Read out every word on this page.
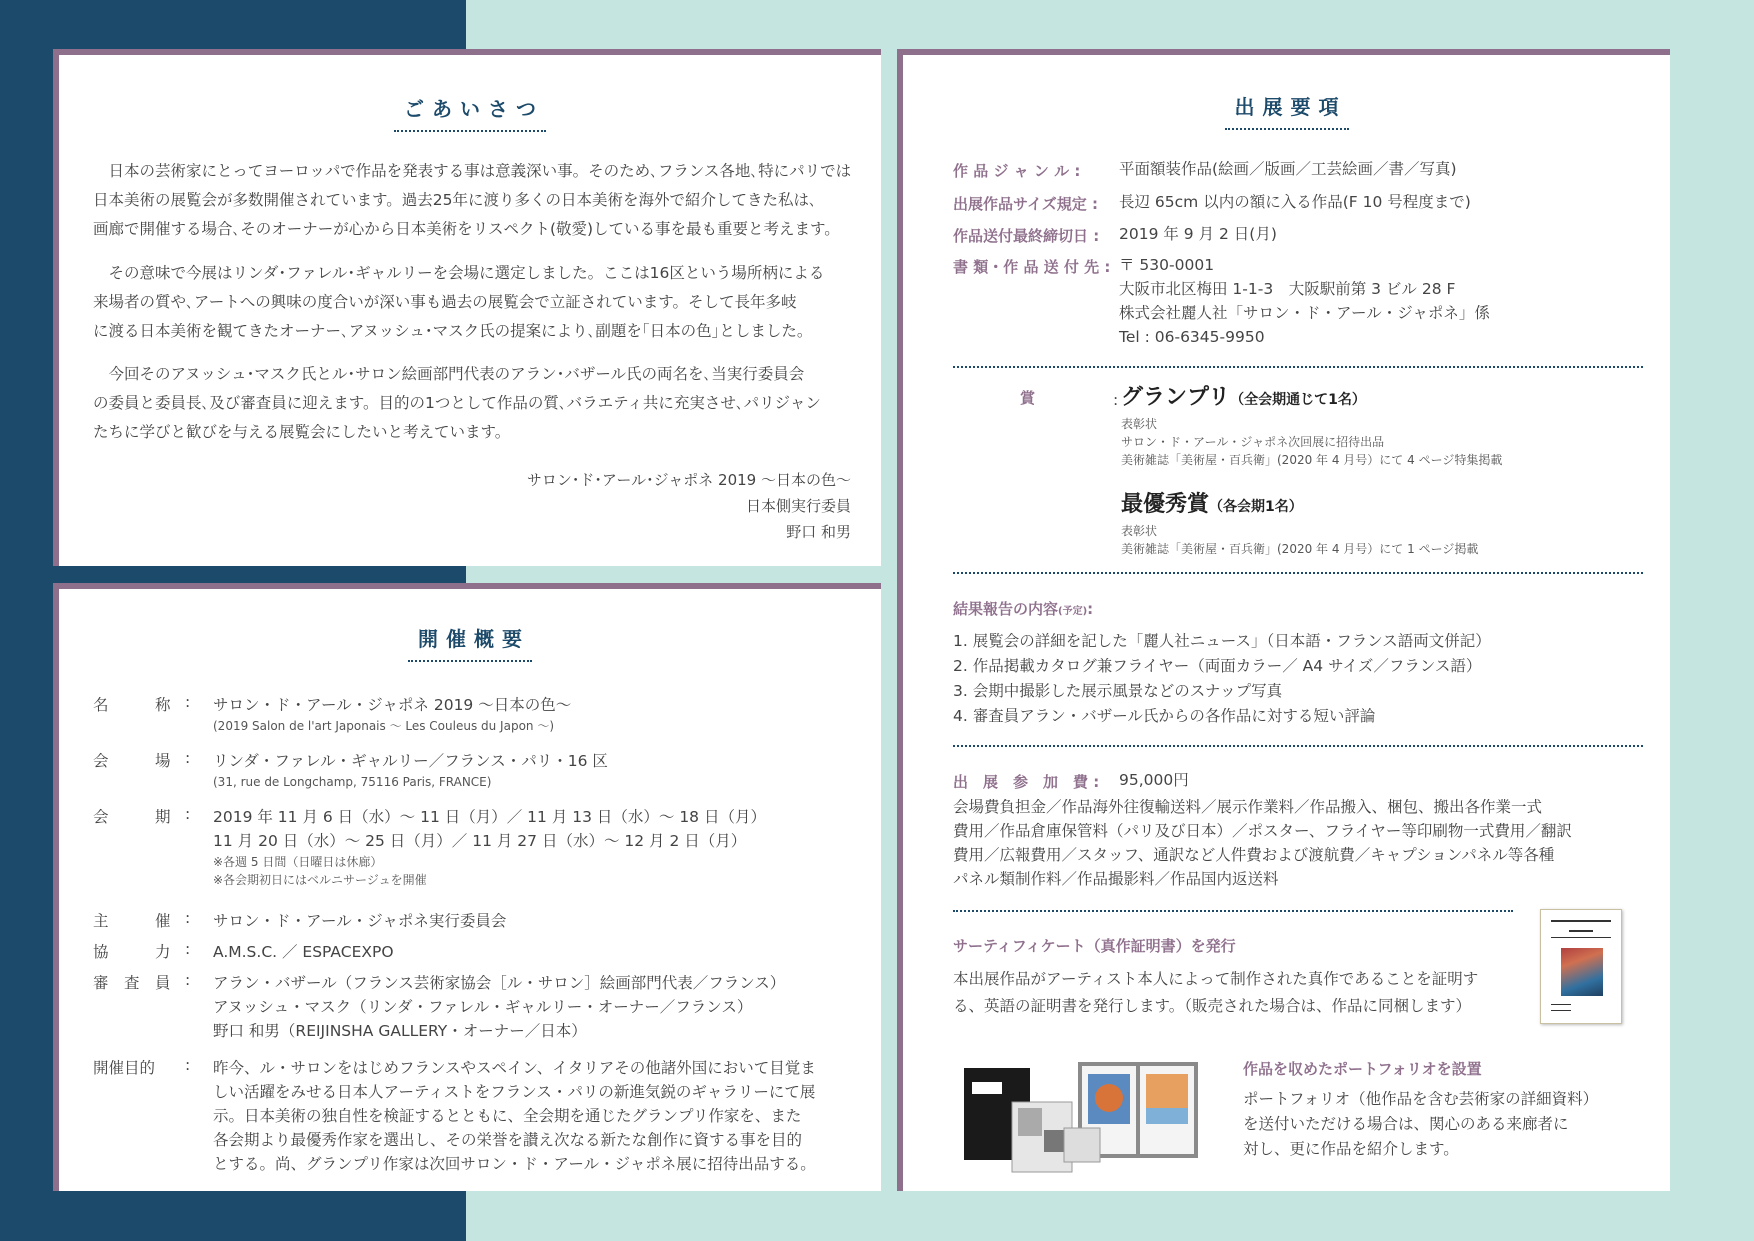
ごあいさつ
　日本の芸術家にとってヨーロッパで作品を発表する事は意義深い事。そのため､フランス各地､特にパリでは
日本美術の展覧会が多数開催されています。過去25年に渡り多くの日本美術を海外で紹介してきた私は､
画廊で開催する場合､そのオーナーが心から日本美術をリスペクト(敬愛)している事を最も重要と考えます。
　その意味で今展はリンダ･ファレル･ギャルリーを会場に選定しました。ここは16区という場所柄による
来場者の質や､アートへの興味の度合いが深い事も過去の展覧会で立証されています。そして長年多岐
に渡る日本美術を観てきたオーナー､アヌッシュ･マスク氏の提案により､副題を｢日本の色｣としました。
　今回そのアヌッシュ･マスク氏とル･サロン絵画部門代表のアラン･バザール氏の両名を､当実行委員会
の委員と委員長､及び審査員に迎えます。目的の1つとして作品の質､バラエティ共に充実させ､パリジャン
たちに学びと歓びを与える展覧会にしたいと考えています。
サロン･ド･アール･ジャポネ 2019 ～日本の色～
日本側実行委員
野口 和男
開催概要
名　　　称 : サロン・ド・アール・ジャポネ 2019 ～日本の色～
(2019 Salon de l'art Japonais ～ Les Couleus du Japon ～)
会　　　場 : リンダ・ファレル・ギャルリー／フランス・パリ・16 区
(31, rue de Longchamp, 75116 Paris, FRANCE)
会　　　期 : 2019 年 11 月 6 日（水）～ 11 日（月）／ 11 月 13 日（水）～ 18 日（月）
11 月 20 日（水）～ 25 日（月）／ 11 月 27 日（水）～ 12 月 2 日（月）
※各週 5 日間（日曜日は休廊）
※各会期初日にはベルニサージュを開催
主　　　催 : サロン・ド・アール・ジャポネ実行委員会
協　　　力 : A.M.S.C. ／ ESPACEXPO
審　査　員 : アラン・バザール（フランス芸術家協会［ル・サロン］絵画部門代表／フランス）
アヌッシュ・マスク（リンダ・ファレル・ギャルリー・オーナー／フランス）
野口 和男（REIJINSHA GALLERY・オーナー／日本）
開催目的	: 昨今、ル・サロンをはじめフランスやスペイン、イタリアその他諸外国において目覚ま
しい活躍をみせる日本人アーティストをフランス・パリの新進気鋭のギャラリーにて展
示。日本美術の独自性を検証するとともに、全会期を通じたグランプリ作家を、また
各会期より最優秀作家を選出し、その栄誉を讃え次なる新たな創作に資する事を目的
とする。尚、グランプリ作家は次回サロン・ド・アール・ジャポネ展に招待出品する。
出展要項
作 品 ジ ャ ン ル : 平面額装作品(絵画／版画／工芸絵画／書／写真)
出展作品サイズ規定 : 長辺 65cm 以内の額に入る作品(F 10 号程度まで)
作品送付最終締切日 : 2019 年 9 月 2 日(月)
書 類・作 品 送 付 先 : 〒 530-0001
大阪市北区梅田 1-1-3　大阪駅前第 3 ビル 28 F
株式会社麗人社「サロン・ド・アール・ジャポネ」係
Tel : 06-6345-9950
賞	: グランプリ（全会期通じて1名）
表彰状
サロン・ド・アール・ジャポネ次回展に招待出品
美術雑誌「美術屋・百兵衛」(2020 年 4 月号）にて 4 ページ特集掲載
最優秀賞（各会期1名）
表彰状
美術雑誌「美術屋・百兵衛」(2020 年 4 月号）にて 1 ページ掲載
結果報告の内容(予定):
1. 展覧会の詳細を記した「麗人社ニュース」（日本語・フランス語両文併記）
2. 作品掲載カタログ兼フライヤー（両面カラー／ A4 サイズ／フランス語）
3. 会期中撮影した展示風景などのスナップ写真
4. 審査員アラン・バザール氏からの各作品に対する短い評論
出　展　参　加　費 : 95,000円
会場費負担金／作品海外往復輸送料／展示作業料／作品搬入、梱包、搬出各作業一式
費用／作品倉庫保管料（パリ及び日本）／ポスター、フライヤー等印刷物一式費用／翻訳
費用／広報費用／スタッフ、通訳など人件費および渡航費／キャプションパネル等各種
パネル類制作料／作品撮影料／作品国内返送料
サーティフィケート（真作証明書）を発行
本出展作品がアーティスト本人によって制作された真作であることを証明す
る、英語の証明書を発行します。（販売された場合は、作品に同梱します）
作品を収めたポートフォリオを設置
ポートフォリオ（他作品を含む芸術家の詳細資料）
を送付いただける場合は、関心のある来廊者に
対し、更に作品を紹介します。
